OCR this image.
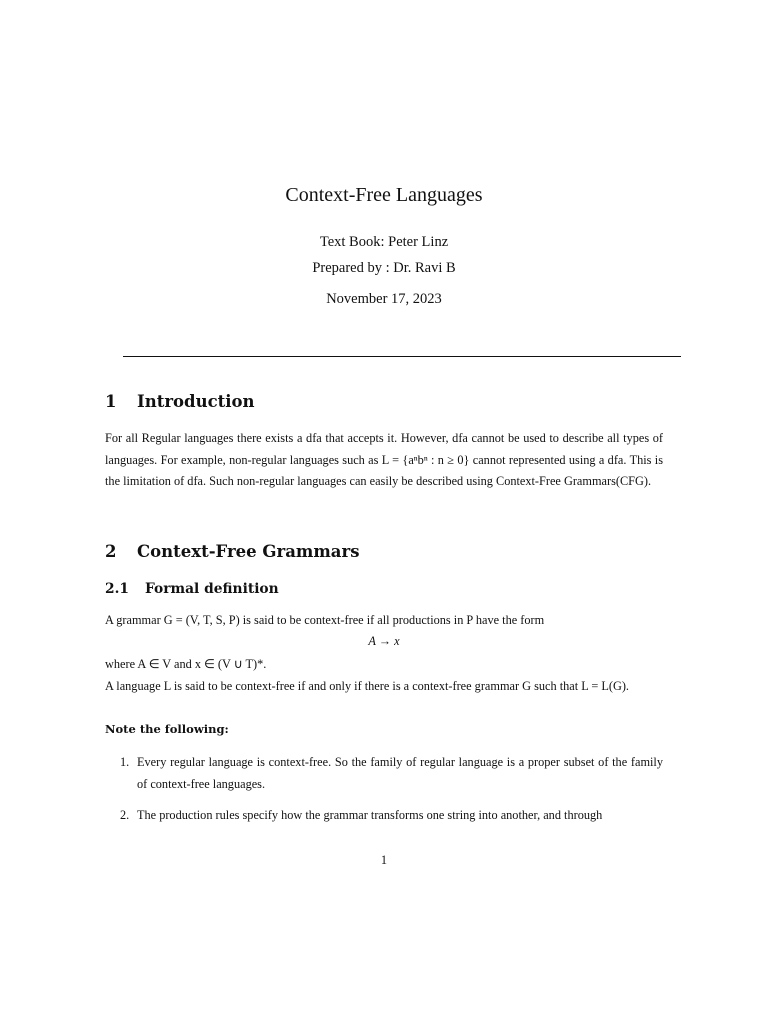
Context-Free Languages
Text Book: Peter Linz
Prepared by : Dr. Ravi B
November 17, 2023
1 Introduction

For all Regular languages there exists a dfa that accepts it. However, dfa cannot be used to describe all types of languages. For example, non-regular languages such as L = {aⁿbⁿ : n ≥ 0} cannot represented using a dfa. This is the limitation of dfa. Such non-regular languages can easily be described using Context-Free Grammars(CFG).

2 Context-Free Grammars
2.1 Formal definition

A grammar G = (V, T, S, P) is said to be context-free if all productions in P have the form

A → x

where A ∈ V and x ∈ (V ∪ T)*.

A language L is said to be context-free if and only if there is a context-free grammar G such that L = L(G).

Note the following:
1. Every regular language is context-free. So the family of regular language is a proper subset of the family of context-free languages.
2. The production rules specify how the grammar transforms one string into another, and through
1
